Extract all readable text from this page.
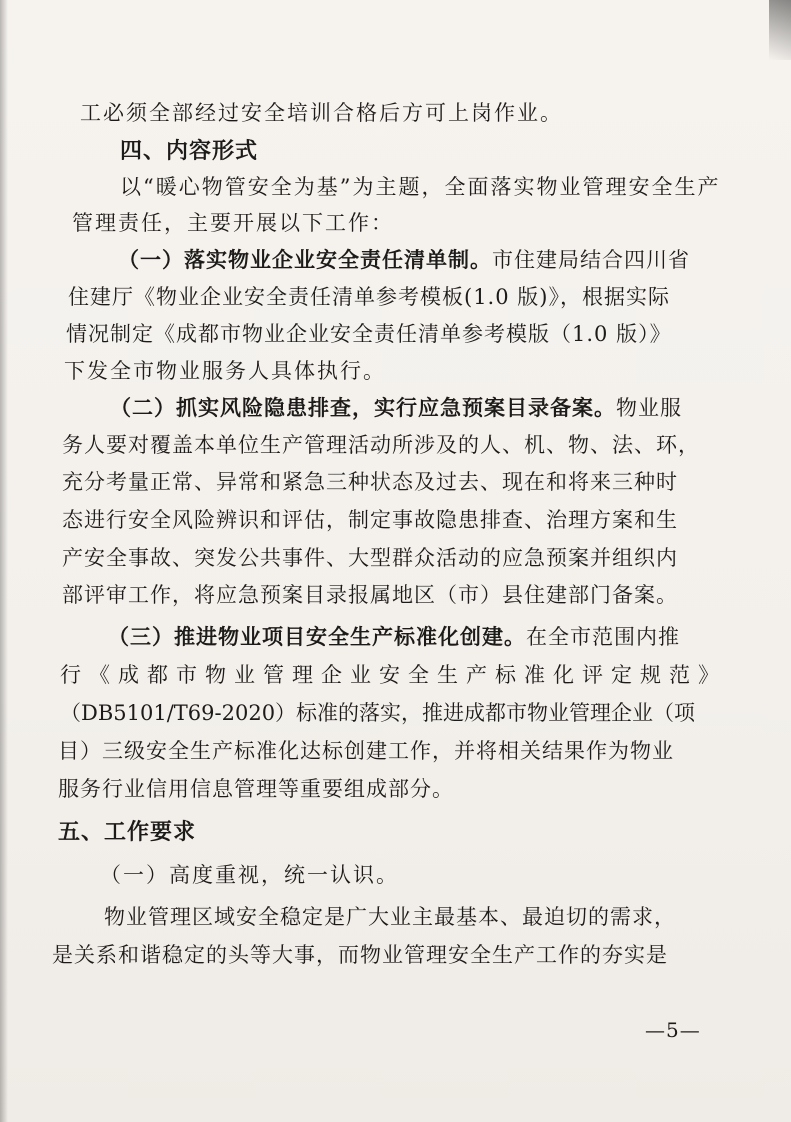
工必须全部经过安全培训合格后方可上岗作业。
四、内容形式
以“暖心物管安全为基”为主题，全面落实物业管理安全生产
管理责任，主要开展以下工作：
（一）落实物业企业安全责任清单制。市住建局结合四川省
住建厅《物业企业安全责任清单参考模板(1.0 版)》，根据实际
情况制定《成都市物业企业安全责任清单参考模版（1.0 版）》
下发全市物业服务人具体执行。
（二）抓实风险隐患排查，实行应急预案目录备案。物业服
务人要对覆盖本单位生产管理活动所涉及的人、机、物、法、环，
充分考量正常、异常和紧急三种状态及过去、现在和将来三种时
态进行安全风险辨识和评估，制定事故隐患排查、治理方案和生
产安全事故、突发公共事件、大型群众活动的应急预案并组织内
部评审工作，将应急预案目录报属地区（市）县住建部门备案。
（三）推进物业项目安全生产标准化创建。在全市范围内推
行《成都市物业管理企业安全生产标准化评定规范》
（DB5101/T69-2020）标准的落实，推进成都市物业管理企业（项
目）三级安全生产标准化达标创建工作，并将相关结果作为物业
服务行业信用信息管理等重要组成部分。
五、工作要求
（一）高度重视，统一认识。
物业管理区域安全稳定是广大业主最基本、最迫切的需求，
是关系和谐稳定的头等大事，而物业管理安全生产工作的夯实是
—5—
